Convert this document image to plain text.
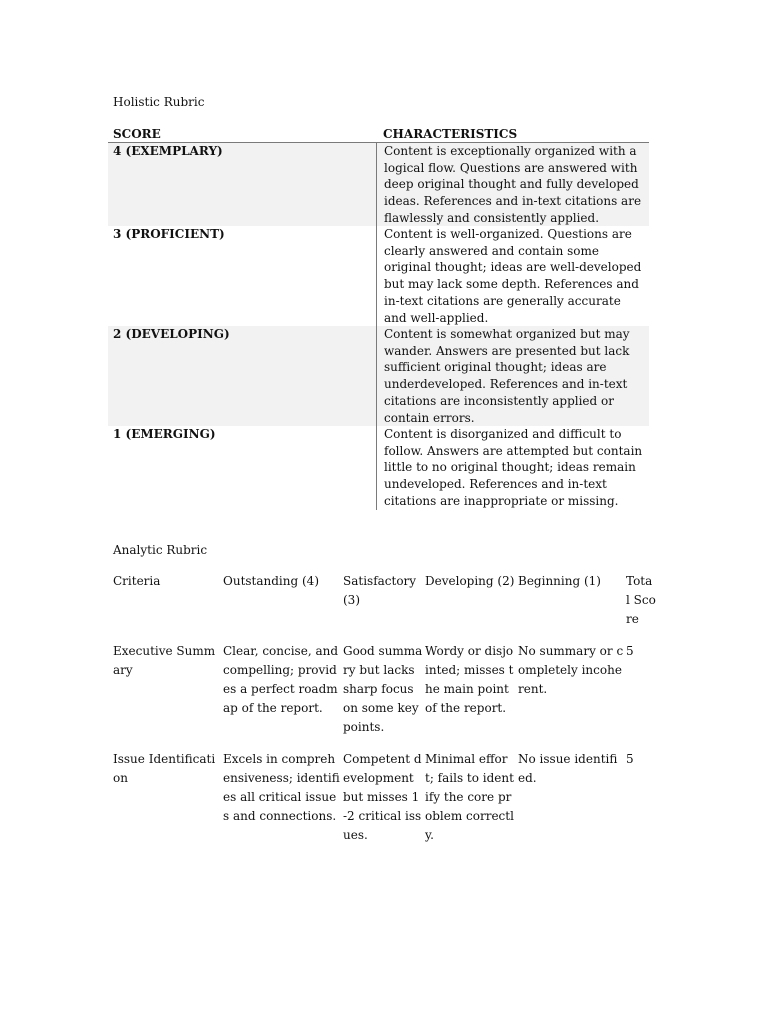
Holistic Rubric
SCORE	CHARACTERISTICS
4 (EXEMPLARY)	Content is exceptionally organized with a logical flow. Questions are answered with deep original thought and fully developed ideas. References and in-text citations are flawlessly and consistently applied.
3 (PROFICIENT)	Content is well-organized. Questions are clearly answered and contain some original thought; ideas are well-developed but may lack some depth. References and in-text citations are generally accurate and well-applied.
2 (DEVELOPING)	Content is somewhat organized but may wander. Answers are presented but lack sufficient original thought; ideas are underdeveloped. References and in-text citations are inconsistently applied or contain errors.
1 (EMERGING)	Content is disorganized and difficult to follow. Answers are attempted but contain little to no original thought; ideas remain undeveloped. References and in-text citations are inappropriate or missing.
Analytic Rubric
Criteria	Outstanding (4)	Satisfactory (3)	Developing (2)	Beginning (1)	Total Score
Executive Summary	Clear, concise, and compelling; provides a perfect roadmap of the report.	Good summary but lacks sharp focus on some key points.	Wordy or disjointed; misses the main point of the report.	No summary or completely incoherent.	5
Issue Identification	Excels in comprehensiveness; identifies all critical issues and connections.	Competent development but misses 1-2 critical issues.	Minimal effort; fails to identify the core problem correctly.	No issue identified.	5
